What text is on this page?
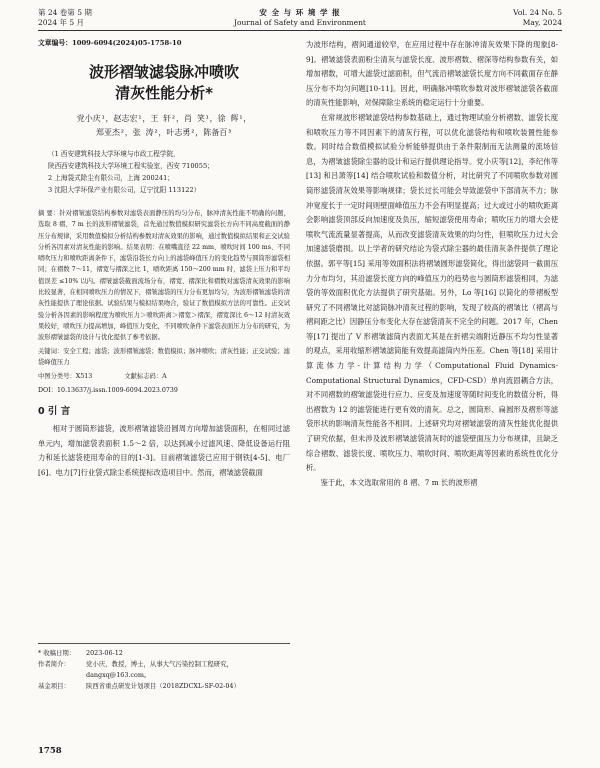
第 24 卷第 5 期
2024 年 5 月
安 全 与 环 境 学 报
Journal of Safety and Environment
Vol. 24 No. 5
May, 2024
文章编号：1009-6094(2024)05-1758-10
波形褶皱滤袋脉冲喷吹
清灰性能分析*
党小庆¹，赵志宏¹，王 轩²，肖 笑¹，徐 辉¹，
郑亚杰²，张 涛²，叶志勇²，陈备百³
（1 西安建筑科技大学环境与市政工程学院，
陕西西安建筑科技大学环境工程实验室，西安 710055；
2 上海袋式除尘有限公司，上海 200241；
3 沈阳大学环保产业有限公司，辽宁沈阳 113122）
摘 要：针对褶皱滤袋结构参数对滤袋表面静压的均匀分布，脉冲清灰性能不明确的问题，选取 8 褶、7 m 长的波形褶皱滤袋，首先通过数值模拟研究滤袋长方向不同高度截面的静压分布规律，采用数值模拟分析结构参数对清灰效果的影响，通过数值模拟结果和正交试验分析各因素对清灰性能的影响。结果表明：在喷嘴直径 22 mm、喷吹时间 100 ms、不同喷吹压力和喷吹距离条件下，滤袋沿袋长方向上的滤袋峰值压力的变化趋势与圆筒形滤袋相同；在褶数 7～11，褶宽与褶深之比 1，喷吹距离 150～200 mm 时，滤袋上压力和平均值误差 ≤10% 以内。褶皱滤袋截面流场分布，褶宽、褶深比和褶数对滤袋清灰效果的影响比较显著，在相同喷吹压力的情况下，褶皱滤袋的压力分布更加均匀，为波形褶皱滤袋的清灰性能提供了理论依据。试验结果与模拟结果吻合，验证了数值模拟方法的可靠性。正交试验分析各因素的影响程度为喷吹压力＞喷吹距离＞褶宽＞褶深，褶宽深比 6～12 时清灰效果较好，喷吹压力提高增加，峰值压力变化，不同喷吹条件下滤袋表面压力分布的研究，为波形褶皱滤袋的设计与优化提供了参考依据。
关键词：安全工程；滤袋；波形褶皱滤袋；数值模拟；脉冲喷吹；清灰性能；正交试验；滤袋峰值压力
中图分类号：X513	文献标志码：A
DOI：10.13637/j.issn.1009-6094.2023.0739
0 引 言
相对于圆筒形滤袋，波形褶皱滤袋沿圆周方向增加滤袋面积，在相同过滤单元内，增加滤袋表面积 1.5～2 倍，以达到减小过滤风速、降低设备运行阻力和延长滤袋使用寿命的目的[1-3]。目前褶皱滤袋已应用于钢铁[4-5]、电厂[6]、电力[7]行业袋式除尘系统提标改造项目中。然而，褶皱滤袋截面
* 收稿日期：	2023-06-12
作者简介：	党小庆，教授，博士，从事大气污染控制工程研究，dangxq@163.com。
基金项目：	陕西省重点研发计划项目（2018ZDCXL-SF-02-04）
1758
为波形结构，褶间通道较窄，在应用过程中存在脉冲清灰效果下降的现象[8-9]。褶皱滤袋表面粉尘清灰与滤袋长度、波形褶数、褶深等结构参数有关，如增加褶数，可增大滤袋过滤面积，但气流沿褶皱滤袋长度方向不同截面存在静压分布不均匀问题[10-11]。因此，明确脉冲喷吹参数对波形褶皱滤袋各截面的清灰性能影响，对保障除尘系统的稳定运行十分重要。
在常规波形褶皱滤袋结构参数基础上，通过物理试验分析褶数、滤袋长度和喷吹压力等不同因素下的清灰行程，可以优化滤袋结构和喷吹装置性能参数。同时结合数值模拟试验分析能够提供由于条件限制而无法测量的流场信息，为褶皱滤袋除尘器的设计和运行提供理论指导。党小庆等[12]，李纪伟等[13] 和吕萧等[14] 结合喷吹试验和数值分析，对比研究了不同喷吹参数对圆筒形滤袋清灰效果等影响规律；袋长过长可能会导致滤袋中下部清灰不力；脉冲宽度长于一定时间则壁面峰值压力不会有明显提高；过大或过小的喷吹距离会影响滤袋顶部反向加速度及负压，缩短滤袋使用寿命；喷吹压力的增大会使喷吹气流流量显著提高，从而改变滤袋清灰效果的均匀性，但喷吹压力过大会加速滤袋磨损。以上学者的研究结论为袋式除尘器的最佳清灰条件提供了理论依据。郭平等[15] 采用等效面积法将褶皱圆形滤袋简化，得出滤袋同一截面压力分布均匀，其沿滤袋长度方向的峰值压力的趋势也与圆筒形滤袋相同，为滤袋的等效面积优化方法提供了研究基础。另外，Lo 等[16] 以简化的带褶板型研究了不同褶皱比对滤筒脉冲清灰过程的影响，发现了较高的褶皱比（褶高与褶间距之比）因静压分布变化大存在滤袋清灰不完全的问题。2017 年，Chen 等[17] 提出了 V 形褶皱滤筒内表面尤其是在折褶尖端附近静压不均匀性显著的观点，采用收缩形褶皱滤筒能有效提高滤筒内外压差。Chen 等[18] 采用计算流体力学-计算结构力学（Computational Fluid Dynamics-Computational Structural Dynamics，CFD-CSD）单向流固耦合方法，对不同褶数的褶皱滤袋进行应力、应变及加速度等随时间变化的数值分析，得出褶数为 12 的滤袋能进行更有效的清灰。总之，圆筒形、扁圆形及褶形等滤袋形状的影响清灰性能各不相同。上述研究均对褶皱滤袋的清灰性能优化提供了研究依据，但未涉及波形褶皱滤袋清灰时的滤袋壁面压力分布规律，且缺乏综合褶数、滤袋长度、喷吹压力、喷吹时间、喷吹距离等因素的系统性优化分析。
鉴于此，本文选取常用的 8 褶、7 m 长的波形褶
